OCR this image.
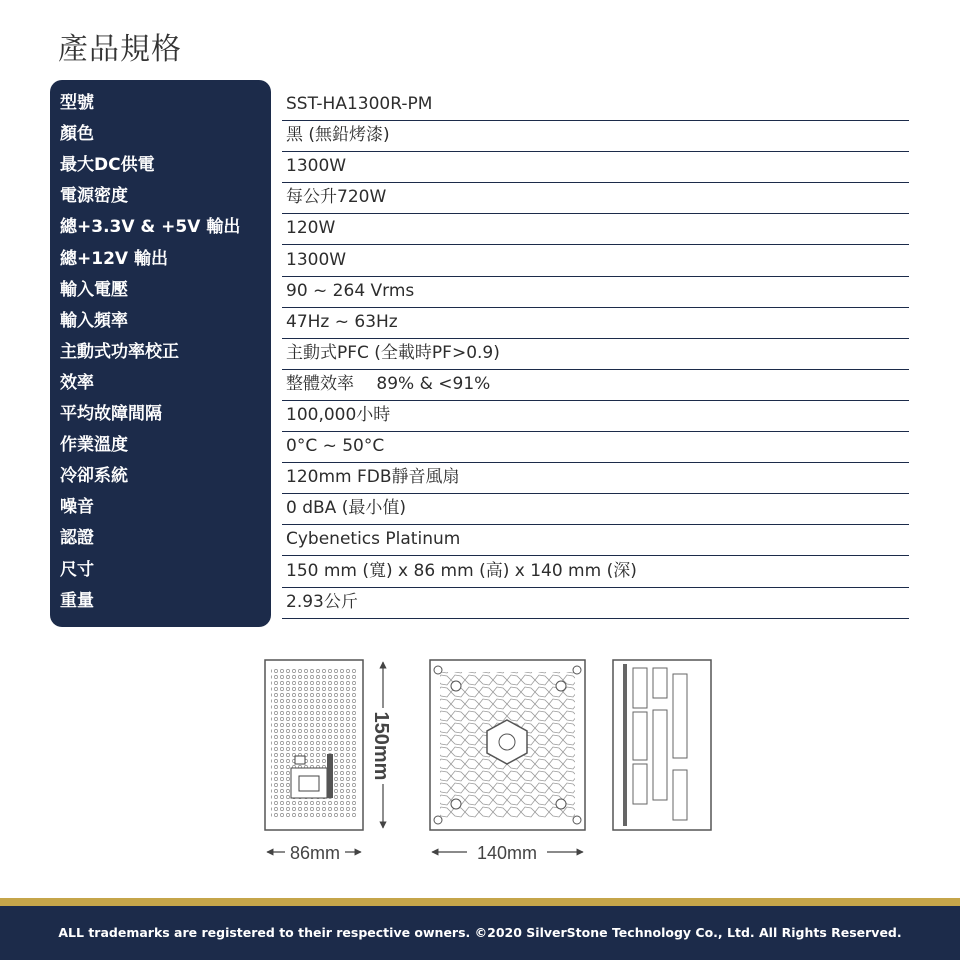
產品規格
型號	SST-HA1300R-PM
顏色	黑 (無鉛烤漆)
最大DC供電	1300W
電源密度	每公升720W
總+3.3V & +5V 輸出	120W
總+12V 輸出	1300W
輸入電壓	90 ~ 264 Vrms
輸入頻率	47Hz ~ 63Hz
主動式功率校正	主動式PFC (全載時PF>0.9)
效率	整體效率　 89% & <91%
平均故障間隔	100,000小時
作業溫度	0°C ~ 50°C
冷卻系統	120mm FDB靜音風扇
噪音	0 dBA (最小值)
認證	Cybenetics Platinum
尺寸	150 mm (寬) x 86 mm (高) x 140 mm (深)
重量	2.93公斤
150mm
86mm	140mm
ALL trademarks are registered to their respective owners. ©2020 SilverStone Technology Co., Ltd. All Rights Reserved.
